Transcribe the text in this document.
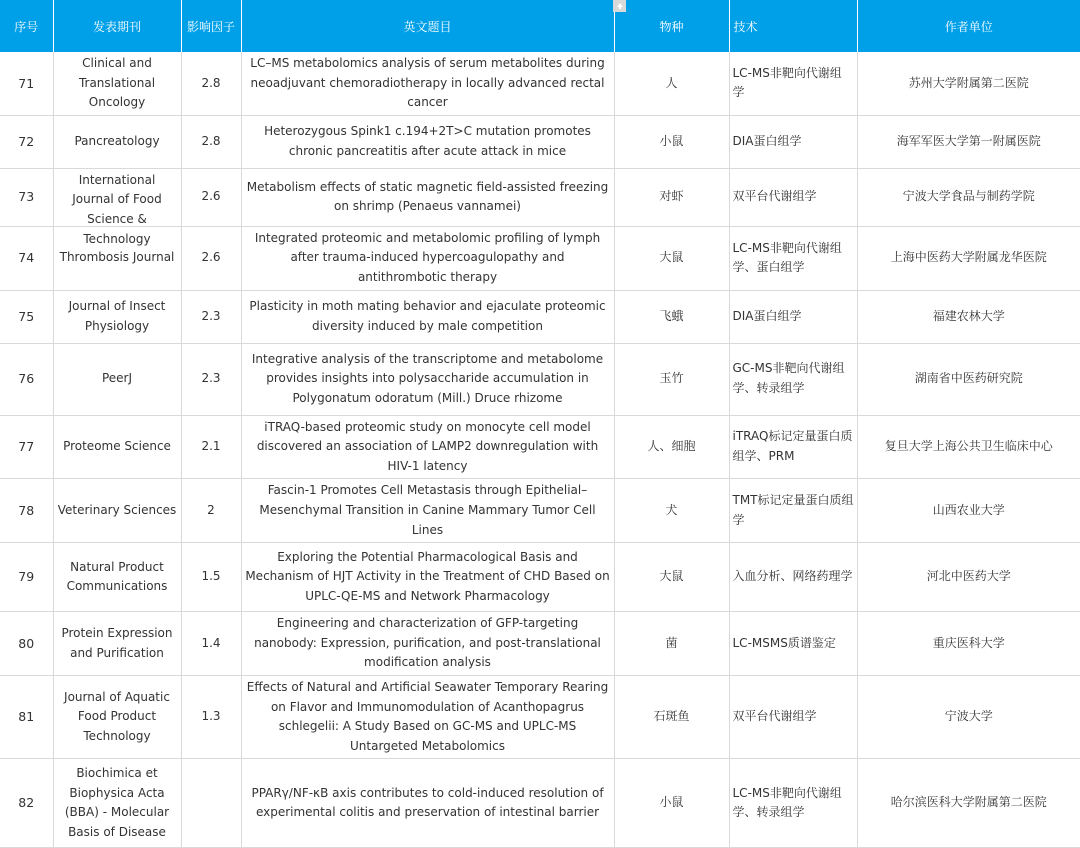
序号	发表期刊	影响因子	英文题目	物种	技术	作者单位
71	Clinical and Translational Oncology	2.8	LC–MS metabolomics analysis of serum metabolites during neoadjuvant chemoradiotherapy in locally advanced rectal cancer	人	LC-MS非靶向代谢组学	苏州大学附属第二医院
72	Pancreatology	2.8	Heterozygous Spink1 c.194+2T>C mutation promotes chronic pancreatitis after acute attack in mice	小鼠	DIA蛋白组学	海军军医大学第一附属医院
73	International Journal of Food Science & Technology	2.6	Metabolism effects of static magnetic field-assisted freezing on shrimp (Penaeus vannamei)	对虾	双平台代谢组学	宁波大学食品与制药学院
74	Thrombosis Journal	2.6	Integrated proteomic and metabolomic profiling of lymph after trauma-induced hypercoagulopathy and antithrombotic therapy	大鼠	LC-MS非靶向代谢组学、蛋白组学	上海中医药大学附属龙华医院
75	Journal of Insect Physiology	2.3	Plasticity in moth mating behavior and ejaculate proteomic diversity induced by male competition	飞蛾	DIA蛋白组学	福建农林大学
76	PeerJ	2.3	Integrative analysis of the transcriptome and metabolome provides insights into polysaccharide accumulation in Polygonatum odoratum (Mill.) Druce rhizome	玉竹	GC-MS非靶向代谢组学、转录组学	湖南省中医药研究院
77	Proteome Science	2.1	iTRAQ-based proteomic study on monocyte cell model discovered an association of LAMP2 downregulation with HIV-1 latency	人、细胞	iTRAQ标记定量蛋白质组学、PRM	复旦大学上海公共卫生临床中心
78	Veterinary Sciences	2	Fascin-1 Promotes Cell Metastasis through Epithelial–Mesenchymal Transition in Canine Mammary Tumor Cell Lines	犬	TMT标记定量蛋白质组学	山西农业大学
79	Natural Product Communications	1.5	Exploring the Potential Pharmacological Basis and Mechanism of HJT Activity in the Treatment of CHD Based on UPLC-QE-MS and Network Pharmacology	大鼠	入血分析、网络药理学	河北中医药大学
80	Protein Expression and Purification	1.4	Engineering and characterization of GFP-targeting nanobody: Expression, purification, and post-translational modification analysis	菌	LC-MSMS质谱鉴定	重庆医科大学
81	Journal of Aquatic Food Product Technology	1.3	Effects of Natural and Artificial Seawater Temporary Rearing on Flavor and Immunomodulation of Acanthopagrus schlegelii: A Study Based on GC-MS and UPLC-MS Untargeted Metabolomics	石斑鱼	双平台代谢组学	宁波大学
82	Biochimica et Biophysica Acta (BBA) - Molecular Basis of Disease		PPARγ/NF-κB axis contributes to cold-induced resolution of experimental colitis and preservation of intestinal barrier	小鼠	LC-MS非靶向代谢组学、转录组学	哈尔滨医科大学附属第二医院
